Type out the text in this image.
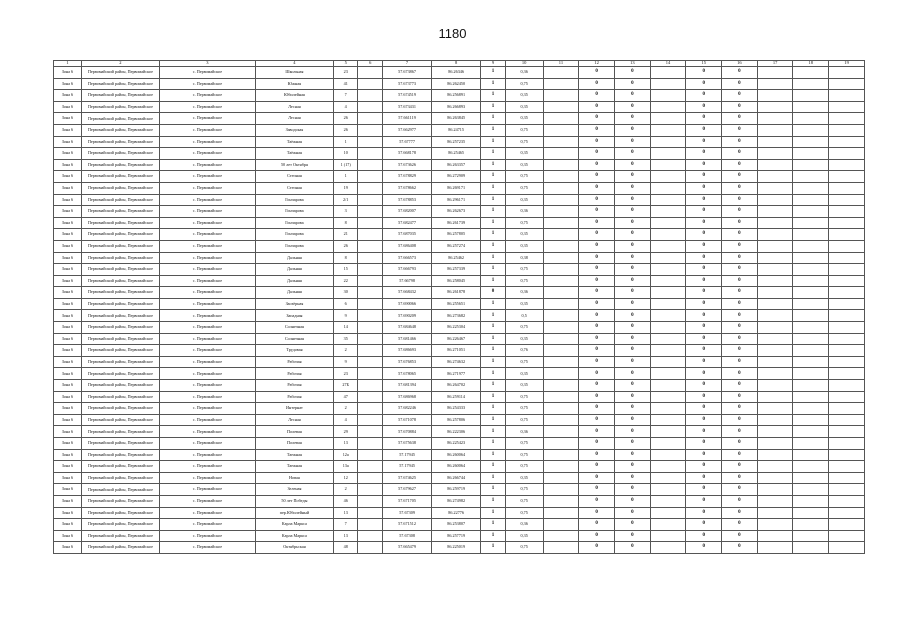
1180
1	2	3	4	5	6	7	8	9	10	11	12	13	14	15	16	17	18	19
Зона 6	Первомайский район, Первомайское	с. Первомайское	Школьная	23		57.673867	86.26346	1	0,36		0	0		0	0			
Зона 6	Первомайский район, Первомайское	с. Первомайское	Южная	41		57.673773	86.262450	1	0,75		0	0		0	0			
Зона 6	Первомайский район, Первомайское	с. Первомайское	Юбилейная	7		57.674519	86.256891	1	0,35		0	0		0	0			
Зона 6	Первомайский район, Первомайское	с. Первомайское	Лесная	4		57.673431	86.266893	1	0,35		0	0		0	0			
Зона 6	Первомайский район, Первомайское	с. Первомайское	Лесная	26		57.661119	86.263845	1	0,35		0	0		0	0			
Зона 6	Первомайский район, Первомайское	с. Первомайское	Заводская	26		57.662977	86.24715	1	0,75		0	0		0	0			
Зона 6	Первомайский район, Первомайское	с. Первомайское	Таёжная	1		57.67777	86.257235	1	0,75		0	0		0	0			
Зона 6	Первомайский район, Первомайское	с. Первомайское	Таёжная	10		57.668178	86.25465	1	0,35		0	0		0	0			
Зона 6	Первомайский район, Первомайское	с. Первомайское	50 лет Октября	1 (17)		57.673626	86.263357	1	0,35		0	0		0	0			
Зона 6	Первомайский район, Первомайское	с. Первомайское	Степная	1		57.678829	86.272909	1	0,75		0	0		0	0			
Зона 6	Первомайский район, Первомайское	с. Первомайское	Степная	19		57.678662	86.269171	1	0,75		0	0		0	0			
Зона 6	Первомайский район, Первомайское	с. Первомайское	Гончарова	2/1		57.678853	86.296171	1	0,35		0	0		0	0			
Зона 6	Первомайский район, Первомайское	с. Первомайское	Гончарова	3		57.682007	86.262673	1	0,36		0	0		0	0			
Зона 6	Первомайский район, Первомайское	с. Первомайское	Гончарова	8		57.682477	86.261739	1	0,75		0	0		0	0			
Зона 6	Первомайский район, Первомайское	с. Первомайское	Гончарова	21		57.687035	86.257805	1	0,35		0	0		0	0			
Зона 6	Первомайский район, Первомайское	с. Первомайское	Гончарова	26		57.686408	86.257274	1	0,35		0	0		0	0			
Зона 6	Первомайский район, Первомайское	с. Первомайское	Дальняя	8		57.666573	86.25462	1	0,38		0	0		0	0			
Зона 6	Первомайский район, Первомайское	с. Первомайское	Дальняя	15		57.666793	86.257339	1	0,75		0	0		0	0			
Зона 6	Первомайский район, Первомайское	с. Первомайское	Дальняя	22		57.66798	86.258045	1	0,75		0	0		0	0			
Зона 6	Первомайский район, Первомайское	с. Первомайское	Дальняя	30		57.668432	86.261878	0	0,36		0	0		0	0			
Зона 6	Первомайский район, Первомайское	с. Первомайское	Заозёрная	6		57.690066	86.255651	1	0,35		0	0		0	0			
Зона 6	Первомайский район, Первомайское	с. Первомайское	Западная	9		57.690209	86.273682	1	0,5		0	0		0	0			
Зона 6	Первомайский район, Первомайское	с. Первомайское	Солнечная	14		57.684648	86.225304	1	0,75		0	0		0	0			
Зона 6	Первомайский район, Первомайское	с. Первомайское	Солнечная	35		57.681466	86.226467	1	0,35		0	0		0	0			
Зона 6	Первомайский район, Первомайское	с. Первомайское	Трудовая	2		57.686693	86.271051	1	0,76		0	0		0	0			
Зона 6	Первомайский район, Первомайское	с. Первомайское	Рабочая	9		57.676853	86.274632	1	0,75		0	0		0	0			
Зона 6	Первомайский район, Первомайское	с. Первомайское	Рабочая	23		57.678065	86.271977	1	0,35		0	0		0	0			
Зона 6	Первомайский район, Первомайское	с. Первомайское	Рабочая	27Б		57.681394	86.264702	1	0,35		0	0		0	0			
Зона 6	Первомайский район, Первомайское	с. Первомайское	Рабочая	47		57.686968	86.259114	1	0,75		0	0		0	0			
Зона 6	Первомайский район, Первомайское	с. Первомайское	Интернат	2		57.682246	86.254333	1	0,75		0	0		0	0			
Зона 6	Первомайский район, Первомайское	с. Первомайское	Лесная	4		57.671078	86.257806	1	0,75		0	0		0	0			
Зона 6	Первомайский район, Первомайское	с. Первомайское	Полевая	29		57.670884	86.222306	1	0,36		0	0		0	0			
Зона 6	Первомайский район, Первомайское	с. Первомайское	Полевая	13		57.675638	86.225423	1	0,75		0	0		0	0			
Зона 6	Первомайский район, Первомайское	с. Первомайское	Таежная	12а		57.17945	86.260064	1	0,75		0	0		0	0			
Зона 6	Первомайский район, Первомайское	с. Первомайское	Таежная	13а		57.17945	86.260064	1	0,75		0	0		0	0			
Зона 6	Первомайский район, Первомайское	с. Первомайское	Новая	12		57.674625	86.266744	1	0,35		0	0		0	0			
Зона 6	Первомайский район, Первомайское	с. Первомайское	Зеленая	2		57.679627	86.259719	1	0,75		0	0		0	0			
Зона 6	Первомайский район, Первомайское	с. Первомайское	50 лет Победы	46		57.671705	86.274982	1	0,75		0	0		0	0			
Зона 6	Первомайский район, Первомайское	с. Первомайское	пер.Юбилейный	13		57.67309	86.22776	1	0,75		0	0		0	0			
Зона 6	Первомайский район, Первомайское	с. Первомайское	Карла Маркса	7		57.671512	86.253807	1	0,36		0	0		0	0			
Зона 6	Первомайский район, Первомайское	с. Первомайское	Карла Маркса	13		57.67308	86.257719	1	0,35		0	0		0	0			
Зона 6	Первомайский район, Первомайское	с. Первомайское	Октябрьская	48		57.665479	86.225019	1	0,75		0	0		0	0			
